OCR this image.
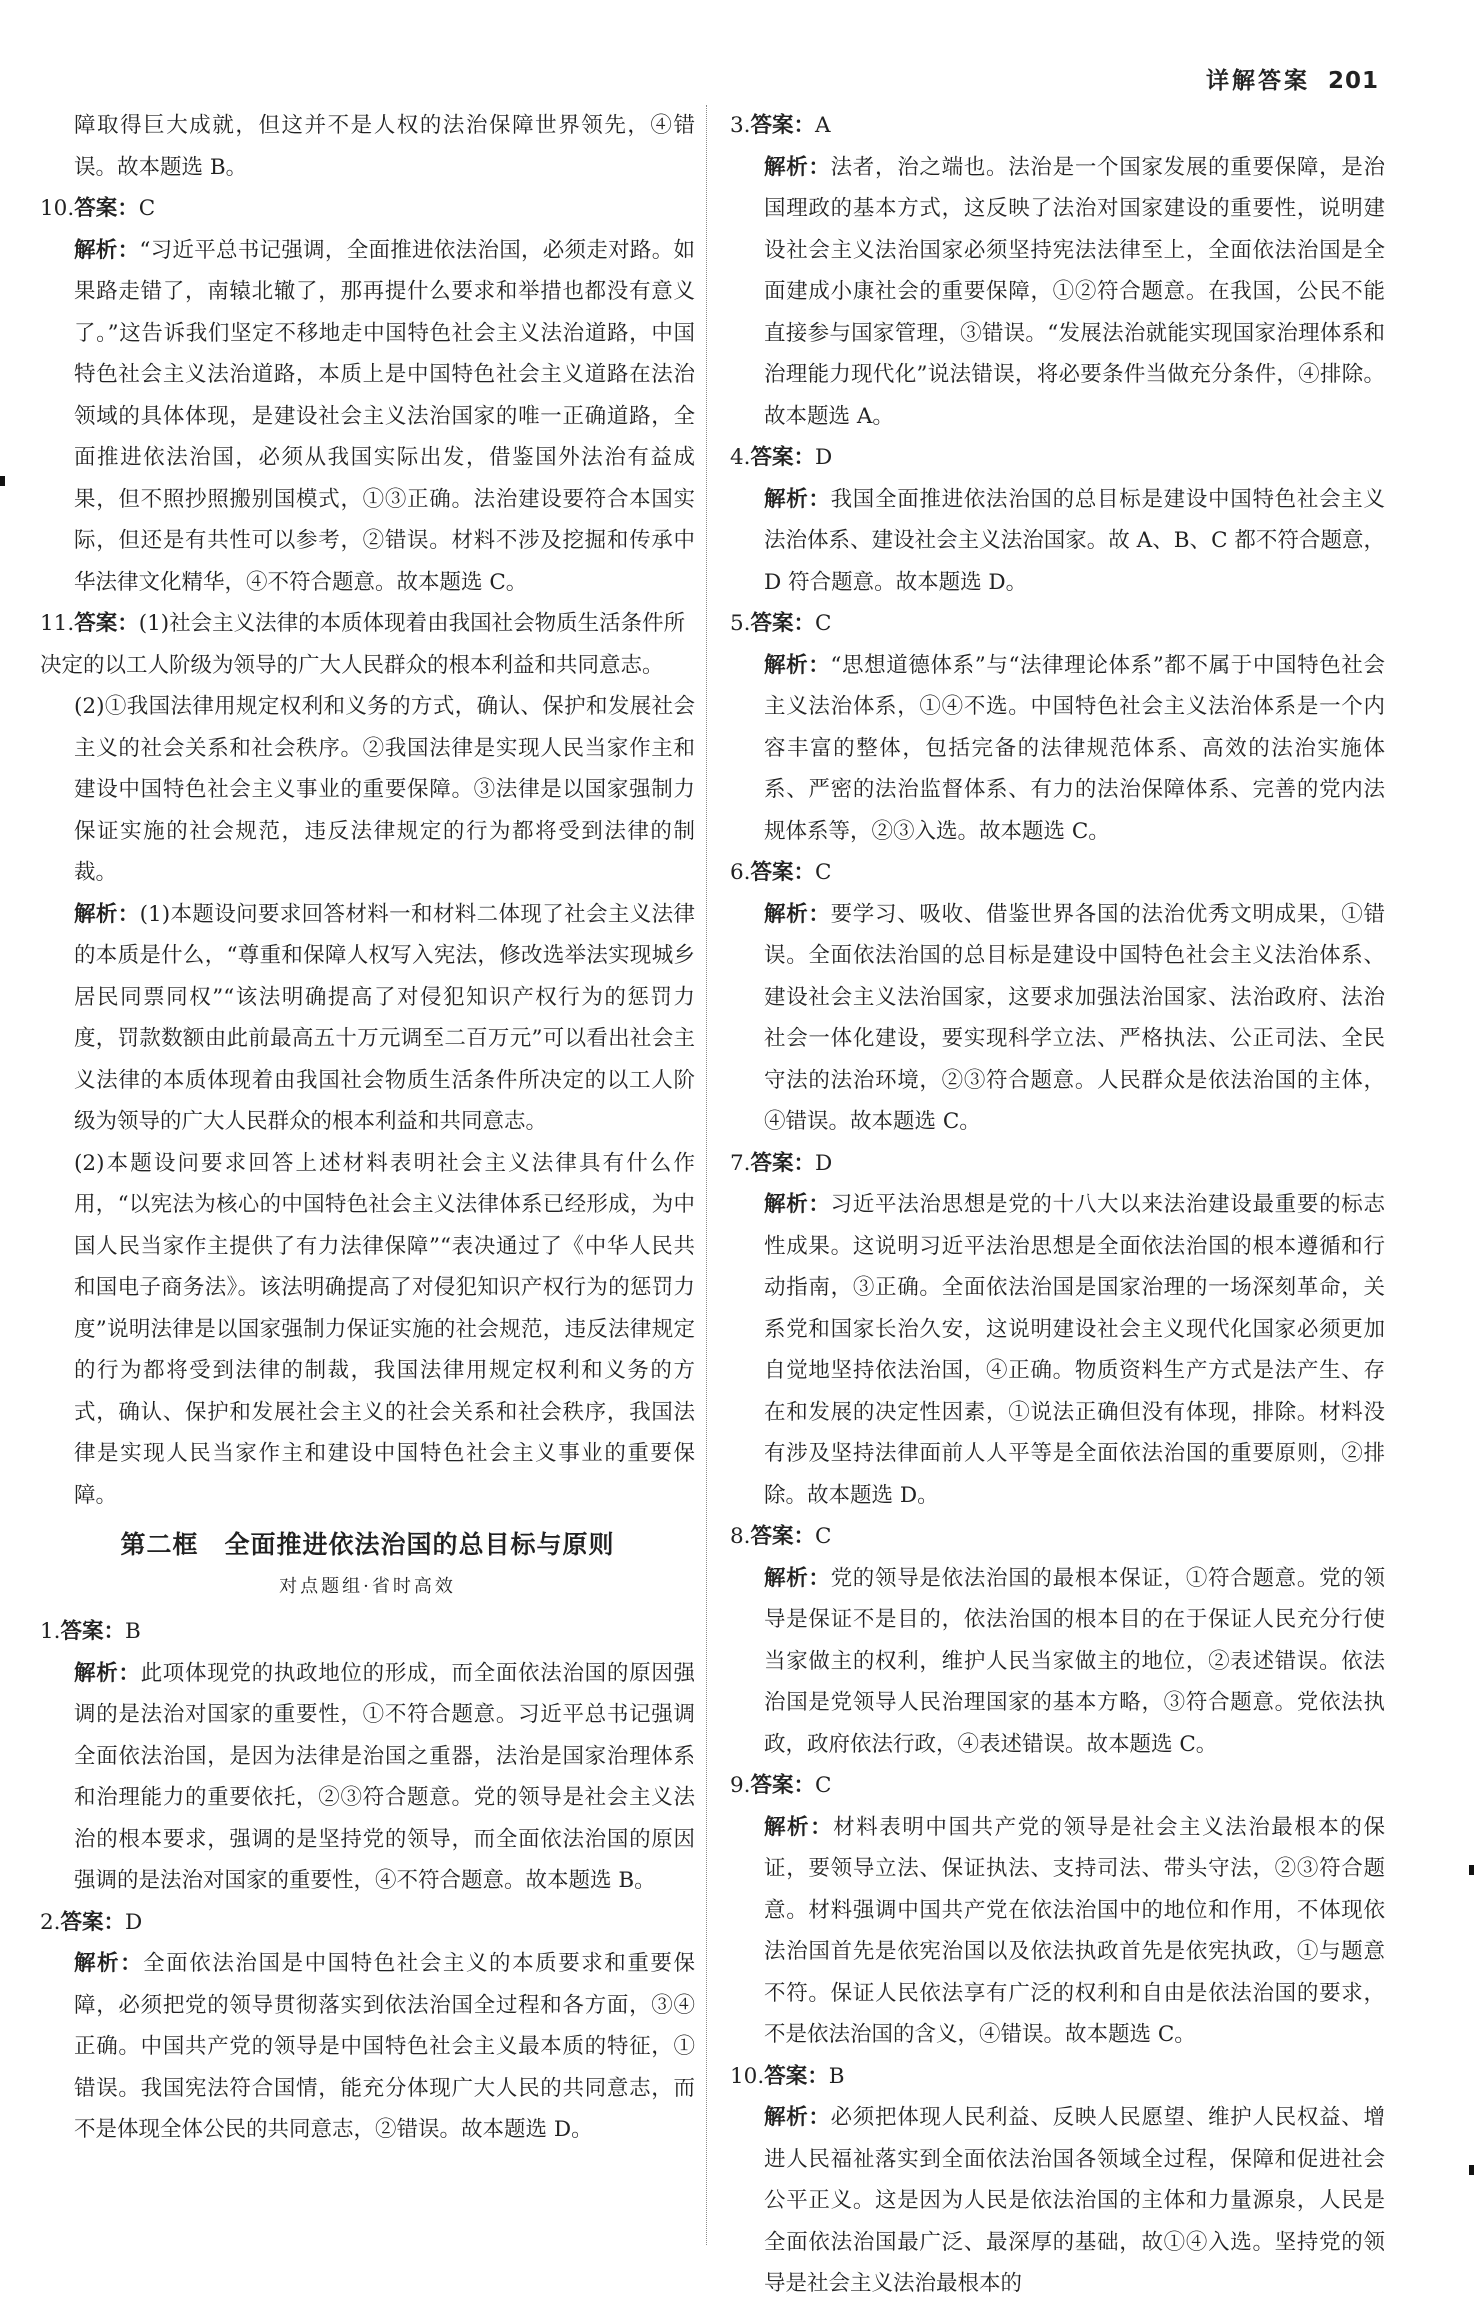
详解答案 201
障取得巨大成就，但这并不是人权的法治保障世界领先，④错误。故本题选 B。
10.答案：C
解析：“习近平总书记强调，全面推进依法治国，必须走对路。如果路走错了，南辕北辙了，那再提什么要求和举措也都没有意义了。”这告诉我们坚定不移地走中国特色社会主义法治道路，中国特色社会主义法治道路，本质上是中国特色社会主义道路在法治领域的具体体现，是建设社会主义法治国家的唯一正确道路，全面推进依法治国，必须从我国实际出发，借鉴国外法治有益成果，但不照抄照搬别国模式，①③正确。法治建设要符合本国实际，但还是有共性可以参考，②错误。材料不涉及挖掘和传承中华法律文化精华，④不符合题意。故本题选 C。
11.答案：(1)社会主义法律的本质体现着由我国社会物质生活条件所决定的以工人阶级为领导的广大人民群众的根本利益和共同意志。
(2)①我国法律用规定权利和义务的方式，确认、保护和发展社会主义的社会关系和社会秩序。②我国法律是实现人民当家作主和建设中国特色社会主义事业的重要保障。③法律是以国家强制力保证实施的社会规范，违反法律规定的行为都将受到法律的制裁。
解析：(1)本题设问要求回答材料一和材料二体现了社会主义法律的本质是什么，“尊重和保障人权写入宪法，修改选举法实现城乡居民同票同权”“该法明确提高了对侵犯知识产权行为的惩罚力度，罚款数额由此前最高五十万元调至二百万元”可以看出社会主义法律的本质体现着由我国社会物质生活条件所决定的以工人阶级为领导的广大人民群众的根本利益和共同意志。
(2)本题设问要求回答上述材料表明社会主义法律具有什么作用，“以宪法为核心的中国特色社会主义法律体系已经形成，为中国人民当家作主提供了有力法律保障”“表决通过了《中华人民共和国电子商务法》。该法明确提高了对侵犯知识产权行为的惩罚力度”说明法律是以国家强制力保证实施的社会规范，违反法律规定的行为都将受到法律的制裁，我国法律用规定权利和义务的方式，确认、保护和发展社会主义的社会关系和社会秩序，我国法律是实现人民当家作主和建设中国特色社会主义事业的重要保障。
第二框　全面推进依法治国的总目标与原则
对点题组·省时高效
1.答案：B
解析：此项体现党的执政地位的形成，而全面依法治国的原因强调的是法治对国家的重要性，①不符合题意。习近平总书记强调全面依法治国，是因为法律是治国之重器，法治是国家治理体系和治理能力的重要依托，②③符合题意。党的领导是社会主义法治的根本要求，强调的是坚持党的领导，而全面依法治国的原因强调的是法治对国家的重要性，④不符合题意。故本题选 B。
2.答案：D
解析：全面依法治国是中国特色社会主义的本质要求和重要保障，必须把党的领导贯彻落实到依法治国全过程和各方面，③④正确。中国共产党的领导是中国特色社会主义最本质的特征，①错误。我国宪法符合国情，能充分体现广大人民的共同意志，而不是体现全体公民的共同意志，②错误。故本题选 D。
3.答案：A
解析：法者，治之端也。法治是一个国家发展的重要保障，是治国理政的基本方式，这反映了法治对国家建设的重要性，说明建设社会主义法治国家必须坚持宪法法律至上，全面依法治国是全面建成小康社会的重要保障，①②符合题意。在我国，公民不能直接参与国家管理，③错误。“发展法治就能实现国家治理体系和治理能力现代化”说法错误，将必要条件当做充分条件，④排除。故本题选 A。
4.答案：D
解析：我国全面推进依法治国的总目标是建设中国特色社会主义法治体系、建设社会主义法治国家。故 A、B、C 都不符合题意，D 符合题意。故本题选 D。
5.答案：C
解析：“思想道德体系”与“法律理论体系”都不属于中国特色社会主义法治体系，①④不选。中国特色社会主义法治体系是一个内容丰富的整体，包括完备的法律规范体系、高效的法治实施体系、严密的法治监督体系、有力的法治保障体系、完善的党内法规体系等，②③入选。故本题选 C。
6.答案：C
解析：要学习、吸收、借鉴世界各国的法治优秀文明成果，①错误。全面依法治国的总目标是建设中国特色社会主义法治体系、建设社会主义法治国家，这要求加强法治国家、法治政府、法治社会一体化建设，要实现科学立法、严格执法、公正司法、全民守法的法治环境，②③符合题意。人民群众是依法治国的主体，④错误。故本题选 C。
7.答案：D
解析：习近平法治思想是党的十八大以来法治建设最重要的标志性成果。这说明习近平法治思想是全面依法治国的根本遵循和行动指南，③正确。全面依法治国是国家治理的一场深刻革命，关系党和国家长治久安，这说明建设社会主义现代化国家必须更加自觉地坚持依法治国，④正确。物质资料生产方式是法产生、存在和发展的决定性因素，①说法正确但没有体现，排除。材料没有涉及坚持法律面前人人平等是全面依法治国的重要原则，②排除。故本题选 D。
8.答案：C
解析：党的领导是依法治国的最根本保证，①符合题意。党的领导是保证不是目的，依法治国的根本目的在于保证人民充分行使当家做主的权利，维护人民当家做主的地位，②表述错误。依法治国是党领导人民治理国家的基本方略，③符合题意。党依法执政，政府依法行政，④表述错误。故本题选 C。
9.答案：C
解析：材料表明中国共产党的领导是社会主义法治最根本的保证，要领导立法、保证执法、支持司法、带头守法，②③符合题意。材料强调中国共产党在依法治国中的地位和作用，不体现依法治国首先是依宪治国以及依法执政首先是依宪执政，①与题意不符。保证人民依法享有广泛的权利和自由是依法治国的要求，不是依法治国的含义，④错误。故本题选 C。
10.答案：B
解析：必须把体现人民利益、反映人民愿望、维护人民权益、增进人民福祉落实到全面依法治国各领域全过程，保障和促进社会公平正义。这是因为人民是依法治国的主体和力量源泉，人民是全面依法治国最广泛、最深厚的基础，故①④入选。坚持党的领导是社会主义法治最根本的
